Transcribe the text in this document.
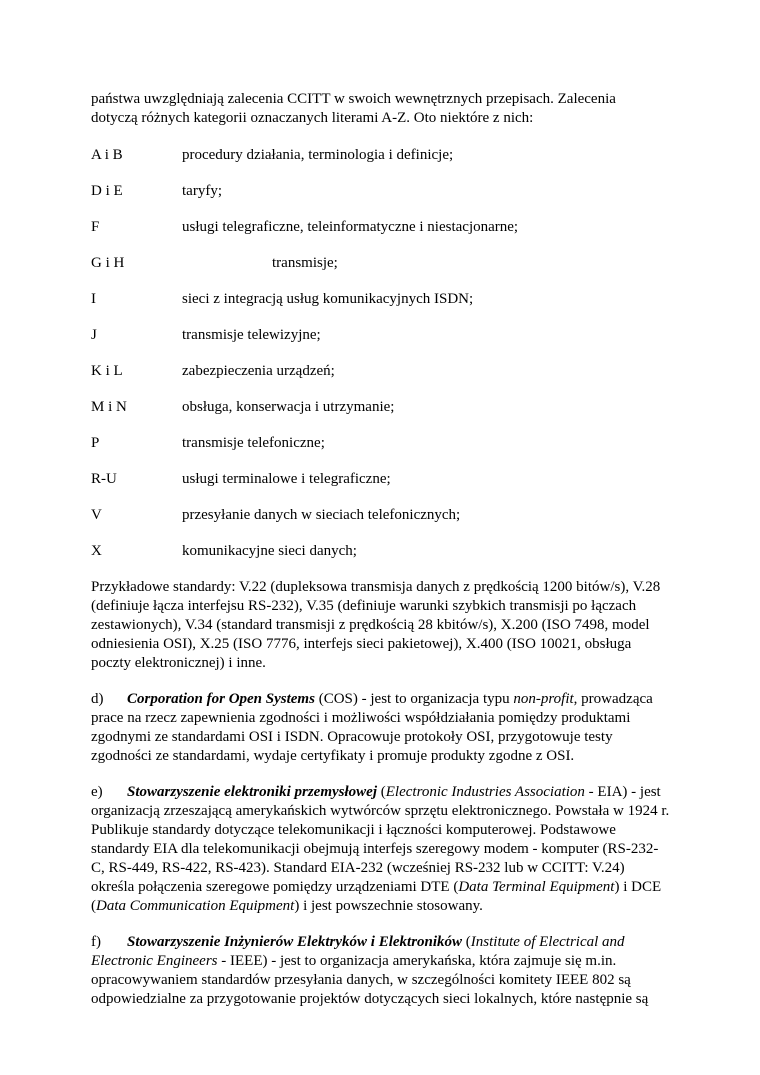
państwa uwzględniają zalecenia CCITT w swoich wewnętrznych przepisach. Zalecenia

dotyczą różnych kategorii oznaczanych literami A-Z. Oto niektóre z nich:

A i B	procedury działania, terminologia i definicje;
D i E	taryfy;
F	usługi telegraficzne, teleinformatyczne i niestacjonarne;
G i H	transmisje;
I	sieci z integracją usług komunikacyjnych ISDN;
J	transmisje telewizyjne;
K i L	zabezpieczenia urządzeń;
M i N	obsługa, konserwacja i utrzymanie;
P	transmisje telefoniczne;
R-U	usługi terminalowe i telegraficzne;
V	przesyłanie danych w sieciach telefonicznych;
X	komunikacyjne sieci danych;

Przykładowe standardy: V.22 (dupleksowa transmisja danych z prędkością 1200 bitów/s), V.28 (definiuje łącza interfejsu RS-232), V.35 (definiuje warunki szybkich transmisji po łączach zestawionych), V.34 (standard transmisji z prędkością 28 kbitów/s), X.200 (ISO 7498, model odniesienia OSI), X.25 (ISO 7776, interfejs sieci pakietowej), X.400 (ISO 10021, obsługa poczty elektronicznej) i inne.

d) Corporation for Open Systems (COS) - jest to organizacja typu non-profit, prowadząca prace na rzecz zapewnienia zgodności i możliwości współdziałania pomiędzy produktami zgodnymi ze standardami OSI i ISDN. Opracowuje protokoły OSI, przygotowuje testy zgodności ze standardami, wydaje certyfikaty i promuje produkty zgodne z OSI.

e) Stowarzyszenie elektroniki przemysłowej (Electronic Industries Association - EIA) - jest organizacją zrzeszającą amerykańskich wytwórców sprzętu elektronicznego. Powstała w 1924 r. Publikuje standardy dotyczące telekomunikacji i łączności komputerowej. Podstawowe standardy EIA dla telekomunikacji obejmują interfejs szeregowy modem - komputer (RS-232-C, RS-449, RS-422, RS-423). Standard EIA-232 (wcześniej RS-232 lub w CCITT: V.24) określa połączenia szeregowe pomiędzy urządzeniami DTE (Data Terminal Equipment) i DCE (Data Communication Equipment) i jest powszechnie stosowany.

f) Stowarzyszenie Inżynierów Elektryków i Elektroników (Institute of Electrical and Electronic Engineers - IEEE) - jest to organizacja amerykańska, która zajmuje się m.in. opracowywaniem standardów przesyłania danych, w szczególności komitety IEEE 802 są odpowiedzialne za przygotowanie projektów dotyczących sieci lokalnych, które następnie są
